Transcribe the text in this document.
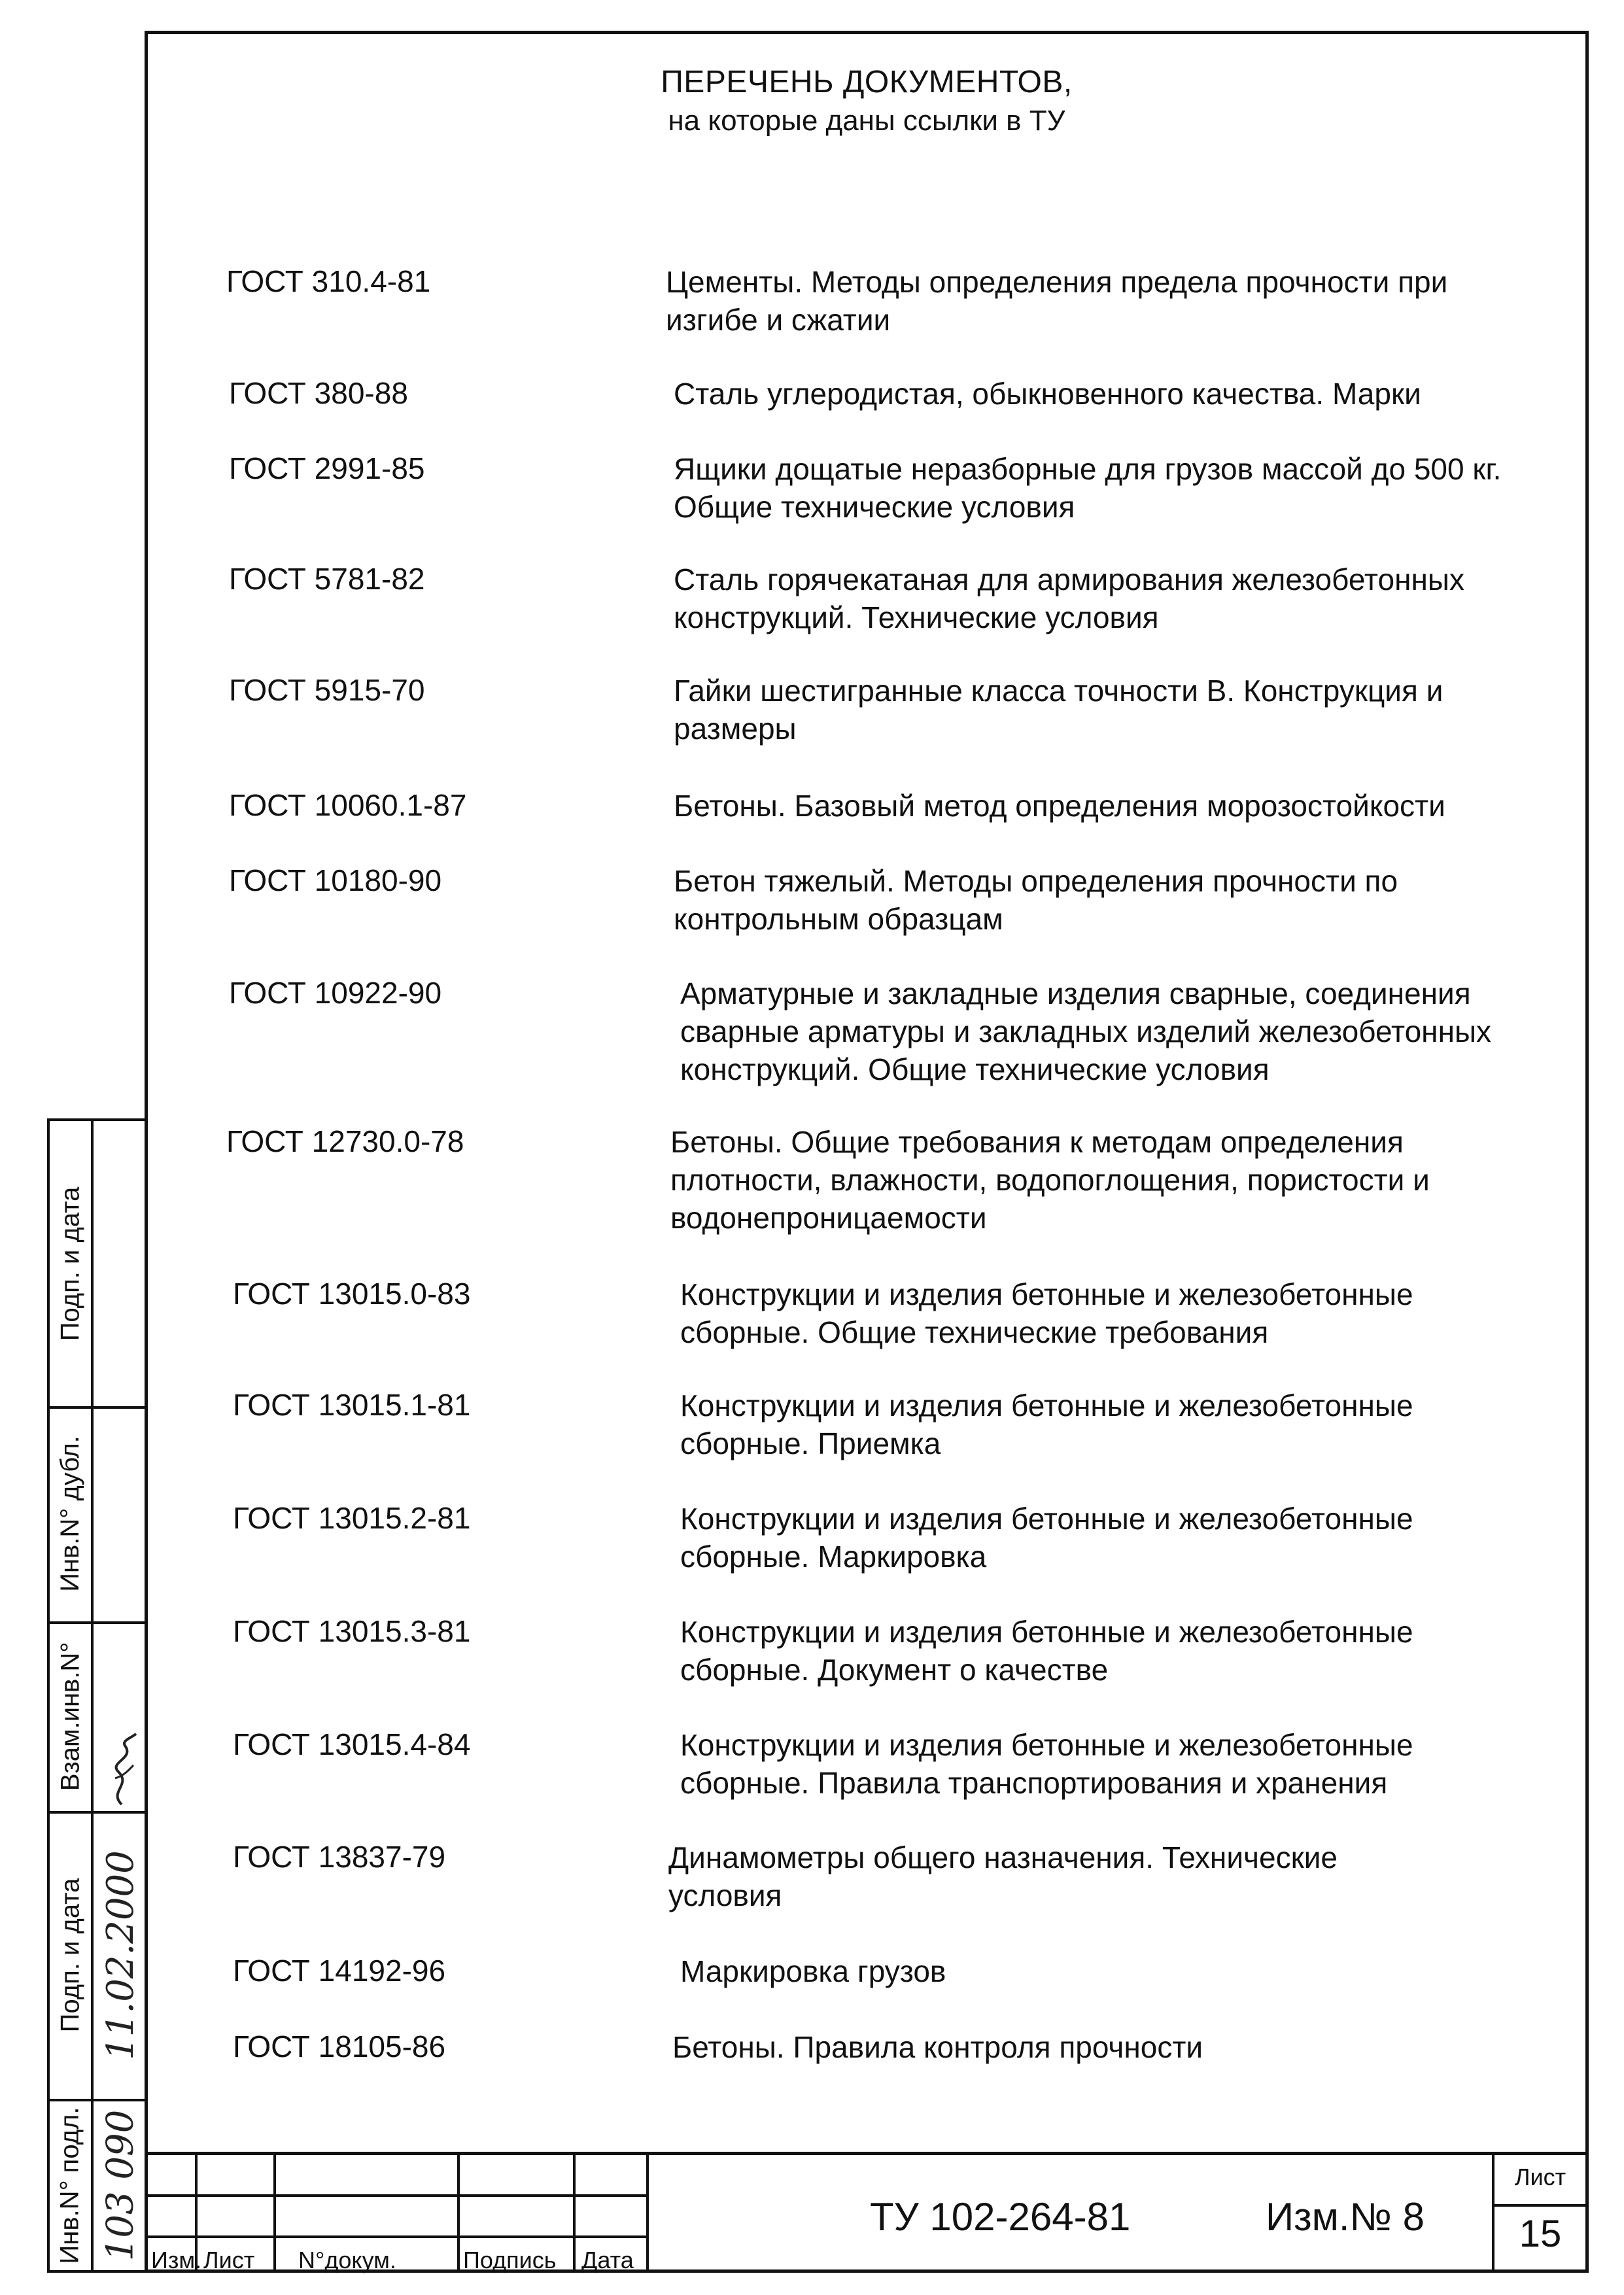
ПЕРЕЧЕНЬ ДОКУМЕНТОВ,
на которые даны ссылки в ТУ
ГОСТ 310.4-81	Цементы. Методы определения предела прочности при изгибе и сжатии
ГОСТ 380-88	Сталь углеродистая, обыкновенного качества. Марки
ГОСТ 2991-85	Ящики дощатые неразборные для грузов массой до 500 кг. Общие технические условия
ГОСТ 5781-82	Сталь горячекатаная для армирования железобетонных конструкций. Технические условия
ГОСТ 5915-70	Гайки шестигранные класса точности В. Конструкция и размеры
ГОСТ 10060.1-87	Бетоны. Базовый метод определения морозостойкости
ГОСТ 10180-90	Бетон тяжелый. Методы определения прочности по контрольным образцам
ГОСТ 10922-90	Арматурные и закладные изделия сварные, соединения сварные арматуры и закладных изделий железобетонных конструкций. Общие технические условия
ГОСТ 12730.0-78	Бетоны. Общие требования к методам определения плотности, влажности, водопоглощения, пористости и водонепроницаемости
ГОСТ 13015.0-83	Конструкции и изделия бетонные и железобетонные сборные. Общие технические требования
ГОСТ 13015.1-81	Конструкции и изделия бетонные и железобетонные сборные. Приемка
ГОСТ 13015.2-81	Конструкции и изделия бетонные и железобетонные сборные. Маркировка
ГОСТ 13015.3-81	Конструкции и изделия бетонные и железобетонные сборные. Документ о качестве
ГОСТ 13015.4-84	Конструкции и изделия бетонные и железобетонные сборные. Правила транспортирования и хранения
ГОСТ 13837-79	Динамометры общего назначения. Технические условия
ГОСТ 14192-96	Маркировка грузов
ГОСТ 18105-86	Бетоны. Правила контроля прочности
Подп. и дата
Инв.N° дубл.
Взам.инв.N°
Подп. и дата
Инв.N° подл.
11.02.2000
103 090 Изм. Лист N°докум.	Подпись Дата
ТУ 102-264-81	Изм.№ 8
Лист
15
